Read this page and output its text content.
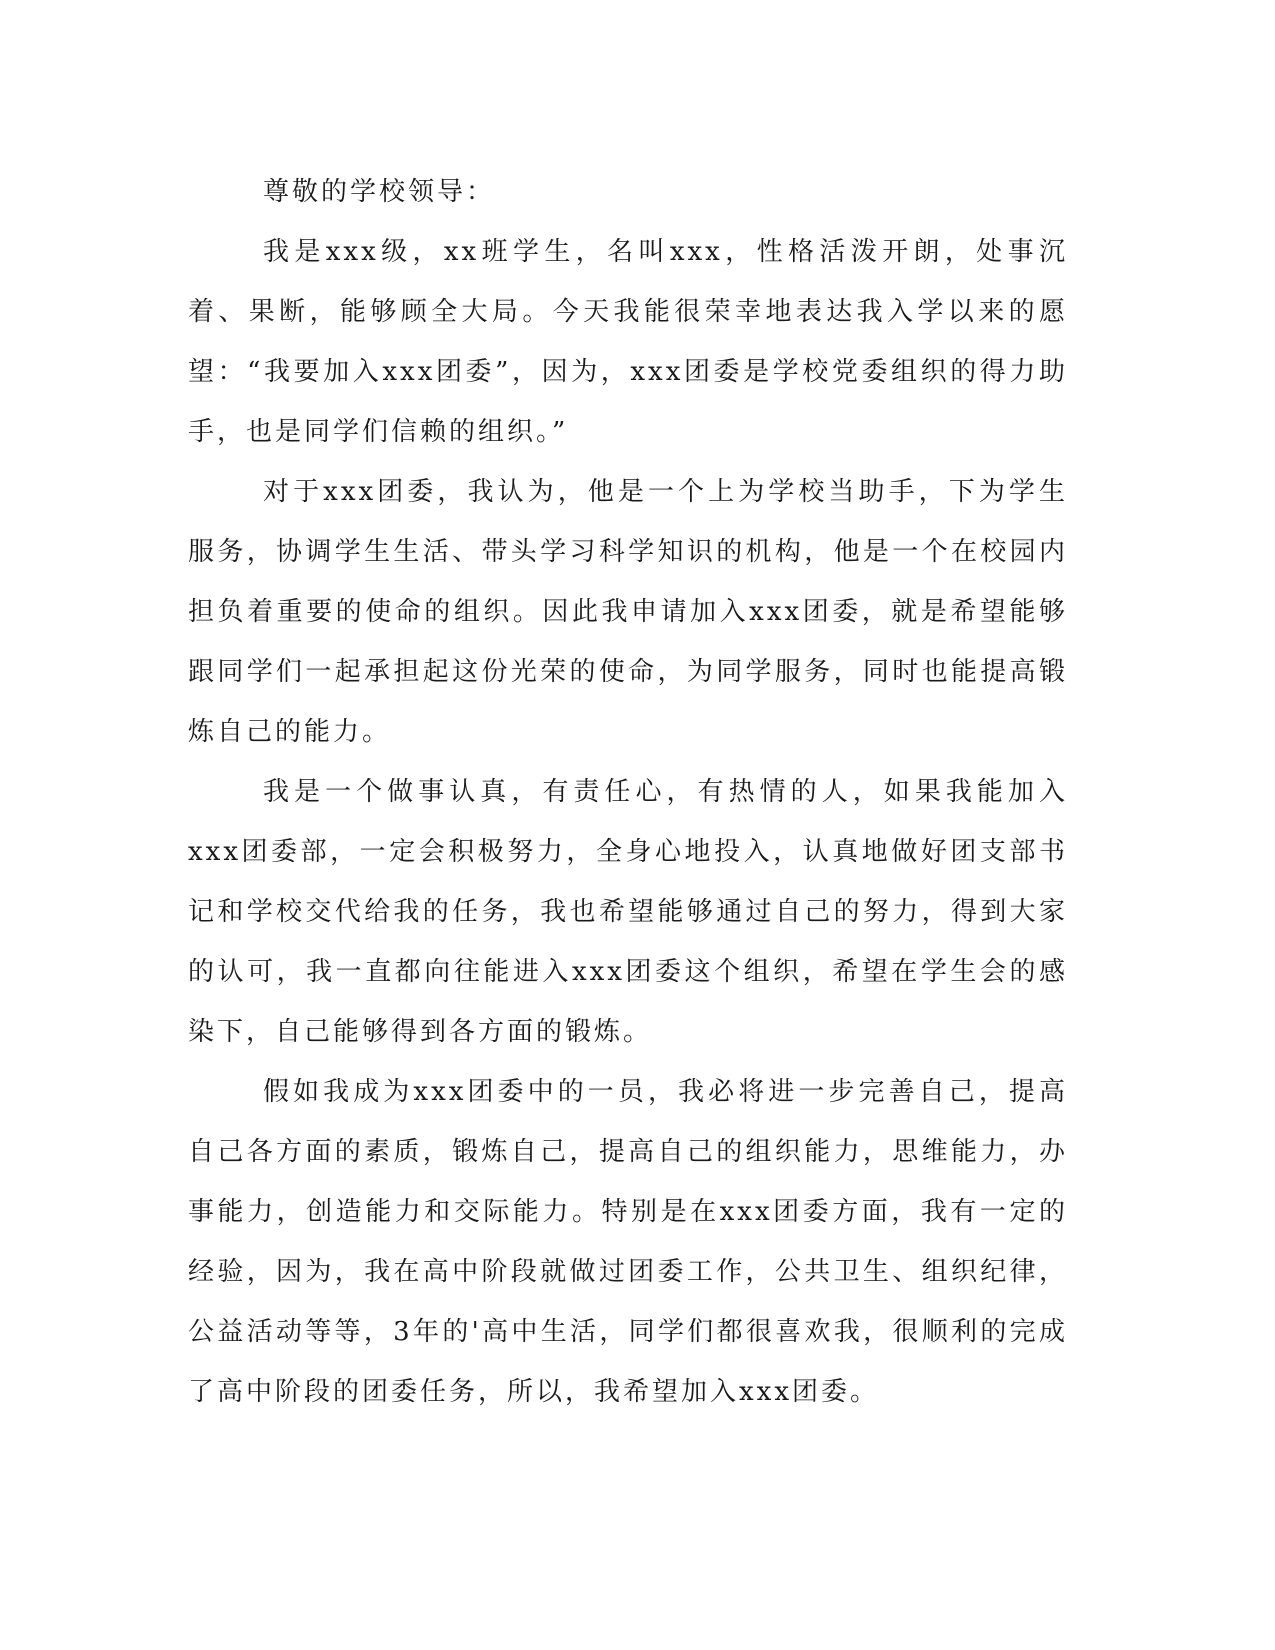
尊敬的学校领导：

我是xxx级，xx班学生，名叫xxx，性格活泼开朗，处事沉着、果断，能够顾全大局。今天我能很荣幸地表达我入学以来的愿望：“我要加入xxx团委”，因为，xxx团委是学校党委组织的得力助手，也是同学们信赖的组织。”

对于xxx团委，我认为，他是一个上为学校当助手，下为学生服务，协调学生生活、带头学习科学知识的机构，他是一个在校园内担负着重要的使命的组织。因此我申请加入xxx团委，就是希望能够跟同学们一起承担起这份光荣的使命，为同学服务，同时也能提高锻炼自己的能力。

我是一个做事认真，有责任心，有热情的人，如果我能加入xxx团委部，一定会积极努力，全身心地投入，认真地做好团支部书记和学校交代给我的任务，我也希望能够通过自己的努力，得到大家的认可，我一直都向往能进入xxx团委这个组织，希望在学生会的感染下，自己能够得到各方面的锻炼。

假如我成为xxx团委中的一员，我必将进一步完善自己，提高自己各方面的素质，锻炼自己，提高自己的组织能力，思维能力，办事能力，创造能力和交际能力。特别是在xxx团委方面，我有一定的经验，因为，我在高中阶段就做过团委工作，公共卫生、组织纪律，公益活动等等，3年的'高中生活，同学们都很喜欢我，很顺利的完成了高中阶段的团委任务，所以，我希望加入xxx团委。
